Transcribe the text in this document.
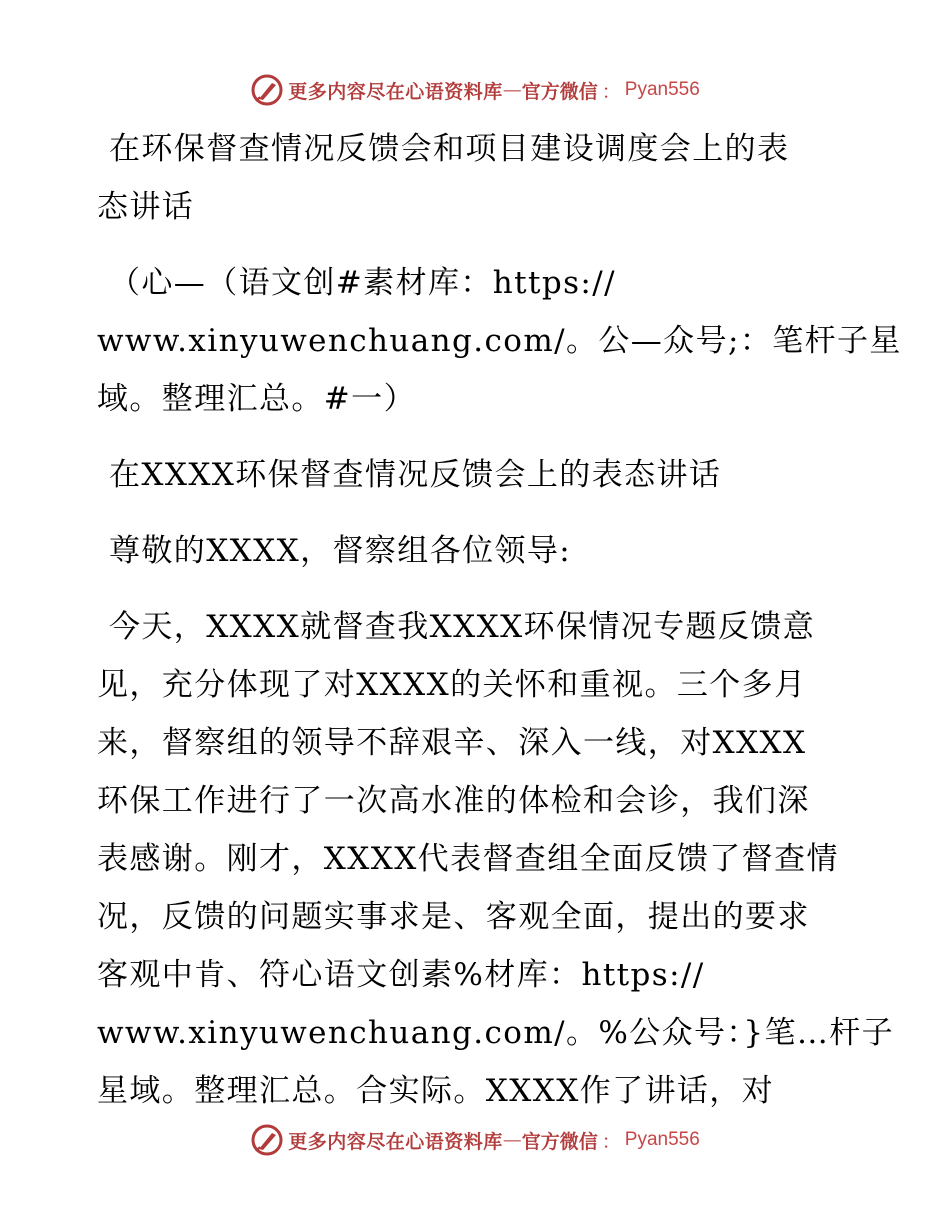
更多内容尽在心语资料库 — 官方微信 ： Pyan556
在环保督查情况反馈会和项目建设调度会上的表
态讲话
（心—（语文创#素材库：https://
www.xinyuwenchuang.com/。公—众号;：笔杆子星
域。整理汇总。#一）
在XXXX环保督查情况反馈会上的表态讲话
尊敬的XXXX，督察组各位领导:
今天，XXXX就督查我XXXX环保情况专题反馈意
见，充分体现了对XXXX的关怀和重视。三个多月
来，督察组的领导不辞艰辛、深入一线，对XXXX
环保工作进行了一次高水准的体检和会诊，我们深
表感谢。刚才，XXXX代表督查组全面反馈了督查情
况，反馈的问题实事求是、客观全面，提出的要求
客观中肯、符心语文创素%材库：https://
www.xinyuwenchuang.com/。%公众号：}笔…杆子
星域。整理汇总。合实际。XXXX作了讲话，对
更多内容尽在心语资料库 — 官方微信 ： Pyan556
